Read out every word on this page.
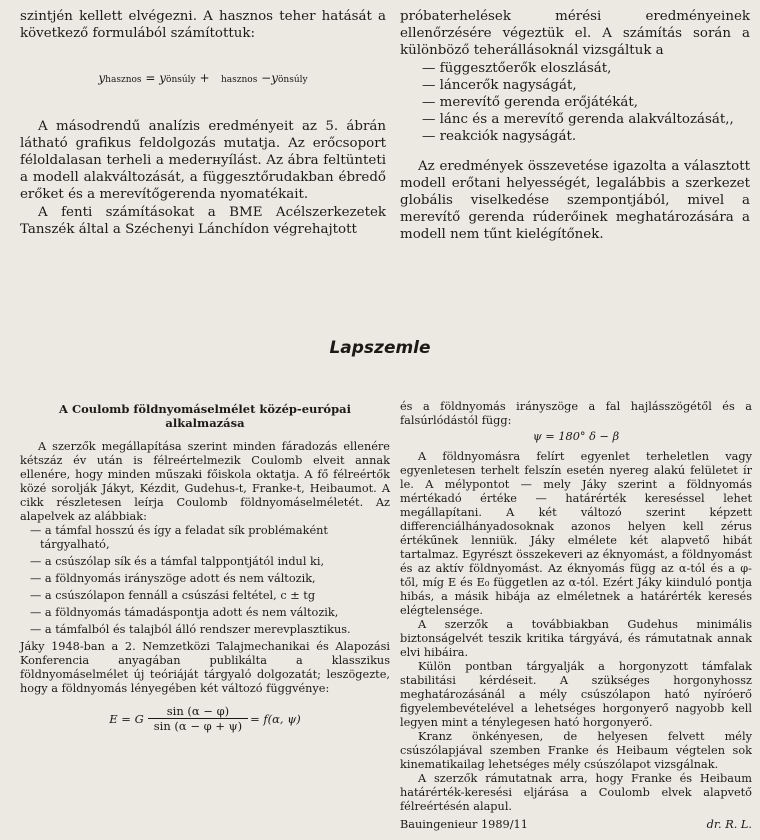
szintjén kellett elvégezni. A hasznos teher hatását a következő formulából számítottuk:

yhasznos = yönsúly + hasznos −yönsúly

A másodrendű analízis eredményeit az 5. ábrán látható grafikus feldolgozás mutatja. Az erőcsoport féloldalasan terheli a mederнyílást. Az ábra feltünteti a modell alakváltozását, a függesztőrudakban ébredő erőket és a merevítőgerenda nyomatékait.

A fenti számításokat a BME Acélszerkezetek Tanszék által a Széchenyi Lánchídon végrehajtott

próbaterhelések mérési eredményeinek ellenőrzésére végeztük el. A számítás során a különböző teherállásoknál vizsgáltuk a

— függesztőerők eloszlását,
— láncerők nagyságát,
— merevítő gerenda erőjátékát,
— lánc és a merevítő gerenda alakváltozását,,
— reakciók nagyságát.

Az eredmények összevetése igazolta a választott modell erőtani helyességét, legalábbis a szerkezet globális viselkedése szempontjából, mivel a merevítő gerenda rúderőinek meghatározására a modell nem tűnt kielégítőnek.

Lapszemle
A Coulomb földnyomáselmélet közép-európai alkalmazása

A szerzők megállapítása szerint minden fáradozás ellenére kétszáz év után is félreértelmezik Coulomb elveit annak ellenére, hogy minden műszaki főiskola oktatja. A fő félreértők közé sorolják Jákyt, Kézdit, Gudehus-t, Franke-t, Heibaumot. A cikk részletesen leírja Coulomb földnyomáselméletét. Az alapelvek az alábbiak:

— a támfal hosszú és így a feladat sík problémaként tárgyalható,
— a csúszólap sík és a támfal talppontjától indul ki,
— a földnyomás irányszöge adott és nem változik,
— a csúszólapon fennáll a csúszási feltétel, c ± tg
— a földnyomás támadáspontja adott és nem változik,
— a támfalból és talajból álló rendszer merevplasztikus.

Jáky 1948-ban a 2. Nemzetközi Talajmechanikai és Alapozási Konferencia anyagában publikálta a klasszikus földnyomáselmélet új teóriáját tárgyaló dolgozatát; leszögezte, hogy a földnyomás lényegében két változó függvénye:

E = G $\frac{\sin (\alpha - \varphi)}{\sin (\alpha - \varphi + \psi)} = f(\alpha$, ψ)

és a földnyomás irányszöge a fal hajlásszögétől és a falsúrlódástól függ:

ψ = 180° δ − β

A földnyomásra felírt egyenlet terheletlen vagy egyenletesen terhelt felszín esetén nyereg alakú felületet ír le. A mélypontot — mely Jáky szerint a földnyomás mértékadó értéke — határérték kereséssel lehet megállapítani. A két változó szerint képzett differenciálhányadosoknak azonos helyen kell zérus értékűnek lenniük. Jáky elmélete két alapvető hibát tartalmaz. Egyrészt összekeveri az éknyomást, a földnyomást és az aktív földnyomást. Az éknyomás függ az α-tól és a φ-től, míg E és E₀ független az α-tól. Ezért Jáky kiinduló pontja hibás, a másik hibája az elméletnek a határérték keresés elégtelensége.

A szerzők a továbbiakban Gudehus minimális biztonságelvét teszik kritika tárgyává, és rámutatnak annak elvi hibáira.

Külön pontban tárgyalják a horgonyzott támfalak stabilitási kérdéseit. A szükséges horgonyhossz meghatározásánál a mély csúszólapon ható nyíróerő figyelembevételével a lehetséges horgonyerő nagyobb kell legyen mint a ténylegesen ható horgonyerő.

Kranz önkényesen, de helyesen felvett mély csúszólapjával szemben Franke és Heibaum végtelen sok kinematikailag lehetséges mély csúszólapot vizsgálnak.

A szerzők rámutatnak arra, hogy Franke és Heibaum határérték-keresési eljárása a Coulomb elvek alapvető félreértésén alapul.

Bauingenieur 1989/11	dr. R. L.
